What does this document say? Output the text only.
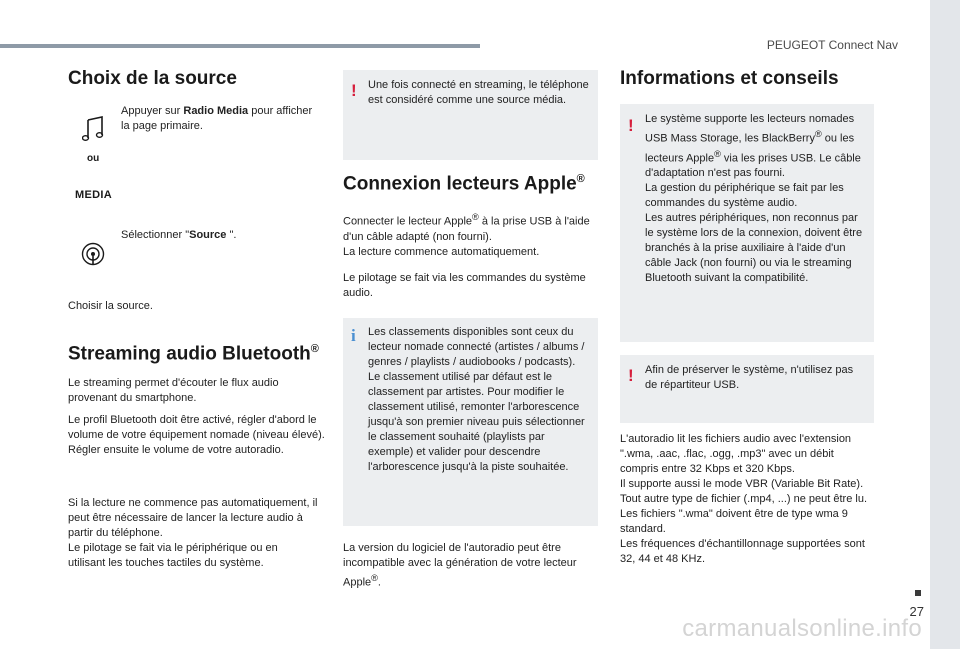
PEUGEOT Connect Nav
27
carmanualsonline.info
Choix de la source

Appuyer sur Radio Media pour afficher la page primaire.

ou
MEDIA

Sélectionner "Source ".

Choisir la source.

Streaming audio Bluetooth®

Le streaming permet d'écouter le flux audio provenant du smartphone.

Le profil Bluetooth doit être activé, régler d'abord le volume de votre équipement nomade (niveau élevé).
Régler ensuite le volume de votre autoradio.

Si la lecture ne commence pas automatiquement, il peut être nécessaire de lancer la lecture audio à partir du téléphone.
Le pilotage se fait via le périphérique ou en utilisant les touches tactiles du système.

! Une fois connecté en streaming, le téléphone est considéré comme une source média.

Connexion lecteurs Apple®

Connecter le lecteur Apple® à la prise USB à l'aide d'un câble adapté (non fourni).
La lecture commence automatiquement.

Le pilotage se fait via les commandes du système audio.

i Les classements disponibles sont ceux du lecteur nomade connecté (artistes / albums / genres / playlists / audiobooks / podcasts).
Le classement utilisé par défaut est le classement par artistes. Pour modifier le classement utilisé, remonter l'arborescence jusqu'à son premier niveau puis sélectionner le classement souhaité (playlists par exemple) et valider pour descendre l'arborescence jusqu'à la piste souhaitée.

La version du logiciel de l'autoradio peut être incompatible avec la génération de votre lecteur Apple®.

Informations et conseils
! Le système supporte les lecteurs nomades USB Mass Storage, les BlackBerry® ou les lecteurs Apple® via les prises USB. Le câble d'adaptation n'est pas fourni.
La gestion du périphérique se fait par les commandes du système audio.
Les autres périphériques, non reconnus par le système lors de la connexion, doivent être branchés à la prise auxiliaire à l'aide d'un câble Jack (non fourni) ou via le streaming Bluetooth suivant la compatibilité.

! Afin de préserver le système, n'utilisez pas de répartiteur USB.

L'autoradio lit les fichiers audio avec l'extension ".wma, .aac, .flac, .ogg, .mp3" avec un débit compris entre 32 Kbps et 320 Kbps.
Il supporte aussi le mode VBR (Variable Bit Rate).
Tout autre type de fichier (.mp4, ...) ne peut être lu.
Les fichiers ".wma" doivent être de type wma 9 standard.
Les fréquences d'échantillonnage supportées sont 32, 44 et 48 KHz.
